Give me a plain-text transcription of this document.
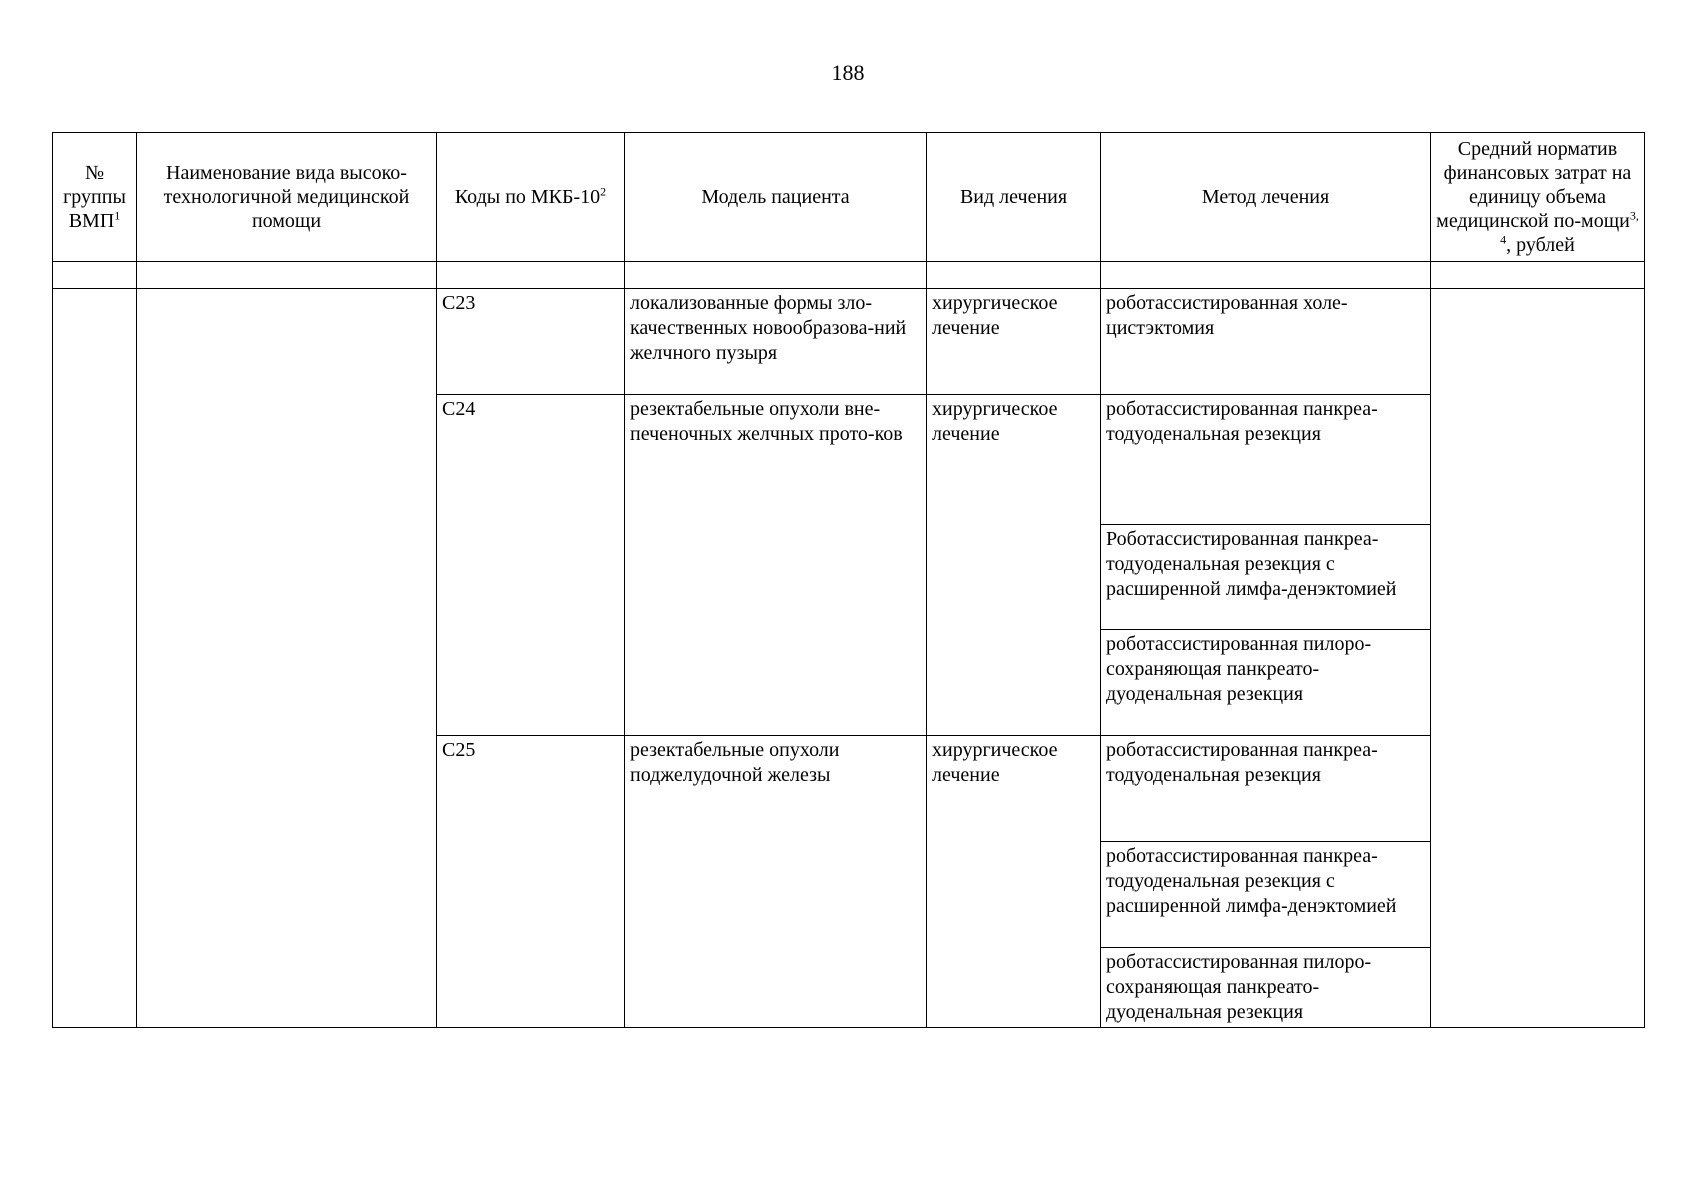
188
№ группы ВМП$^1$	Наименование вида высоко-технологичной медицинской помощи	Коды по МКБ-$10^2$	Модель пациента	Вид лечения	Метод лечения	Средний норматив финансовых затрат на единицу объема медицинской по-мощи$^{3, 4}$, рублей

		C23	локализованные формы зло-качественных новообразова-ний желчного пузыря	хирургическое лечение	роботассистированная холе-цистэктомия	
		C24	резектабельные опухоли вне-печеночных желчных прото-ков	хирургическое лечение	роботассистированная панкреа-тодуоденальная резекция	
					Роботассистированная панкреа-тодуоденальная резекция с расширенной лимфа-денэктомией	
					роботассистированная пилоро-сохраняющая панкреато-дуоденальная резекция	
		C25	резектабельные опухоли поджелудочной железы	хирургическое лечение	роботассистированная панкреа-тодуоденальная резекция	
					роботассистированная панкреа-тодуоденальная резекция с расширенной лимфа-денэктомией	
					роботассистированная пилоро-сохраняющая панкреато-дуоденальная резекция	
